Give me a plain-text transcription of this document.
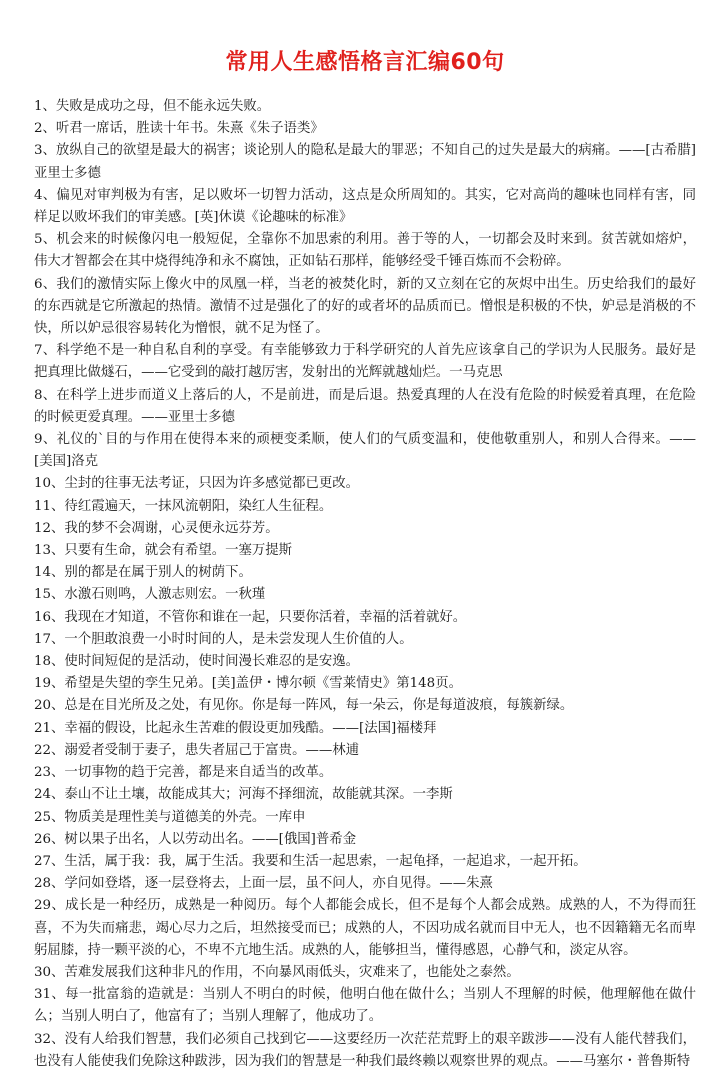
常用人生感悟格言汇编60句

1、失败是成功之母，但不能永远失败。

2、听君一席话，胜读十年书。朱熹《朱子语类》

3、放纵自己的欲望是最大的祸害；谈论别人的隐私是最大的罪恶；不知自己的过失是最大的病痛。——[古希腊]亚里士多德

4、偏见对审判极为有害，足以败坏一切智力活动，这点是众所周知的。其实，它对高尚的趣味也同样有害，同样足以败坏我们的审美感。[英]休谟《论趣味的标准》

5、机会来的时候像闪电一般短促，全靠你不加思索的利用。善于等的人，一切都会及时来到。贫苦就如熔炉，伟大才智都会在其中烧得纯净和永不腐蚀，正如钻石那样，能够经受千锤百炼而不会粉碎。

6、我们的激情实际上像火中的凤凰一样，当老的被焚化时，新的又立刻在它的灰烬中出生。历史给我们的最好的东西就是它所激起的热情。激情不过是强化了的好的或者坏的品质而已。憎恨是积极的不快，妒忌是消极的不快，所以妒忌很容易转化为憎恨，就不足为怪了。

7、科学绝不是一种自私自利的享受。有幸能够致力于科学研究的人首先应该拿自己的学识为人民服务。最好是把真理比做燧石，——它受到的敲打越厉害，发射出的光辉就越灿烂。一马克思

8、在科学上进步而道义上落后的人，不是前进，而是后退。热爱真理的人在没有危险的时候爱着真理，在危险的时候更爱真理。——亚里士多德

9、礼仪的`目的与作用在使得本来的顽梗变柔顺，使人们的气质变温和，使他敬重别人，和别人合得来。——[美国]洛克

10、尘封的往事无法考证，只因为许多感觉都已更改。

11、待红霞遍天，一抹风流朝阳，染红人生征程。

12、我的梦不会凋谢，心灵便永远芬芳。

13、只要有生命，就会有希望。一塞万提斯

14、别的都是在属于别人的树荫下。

15、水激石则鸣，人激志则宏。一秋瑾

16、我现在才知道，不管你和谁在一起，只要你活着，幸福的活着就好。

17、一个胆敢浪费一小时时间的人，是未尝发现人生价值的人。

18、使时间短促的是活动，使时间漫长难忍的是安逸。

19、希望是失望的孪生兄弟。[美]盖伊・博尔顿《雪莱情史》第148页。

20、总是在目光所及之处，有见你。你是每一阵风，每一朵云，你是每道波痕，每簇新绿。

21、幸福的假设，比起永生苦难的假设更加残酷。——[法国]福楼拜

22、溺爱者受制于妻子，患失者屈己于富贵。——林逋

23、一切事物的趋于完善，都是来自适当的改革。

24、泰山不让土壤，故能成其大；河海不择细流，故能就其深。一李斯

25、物质美是理性美与道德美的外壳。一库申

26、树以果子出名，人以劳动出名。——[俄国]普希金

27、生活，属于我：我，属于生活。我要和生活一起思索，一起龟择，一起追求，一起开拓。

28、学问如登塔，逐一层登将去，上面一层，虽不问人，亦自见得。——朱熹

29、成长是一种经历，成熟是一种阅历。每个人都能会成长，但不是每个人都会成熟。成熟的人，不为得而狂喜，不为失而痛悲，竭心尽力之后，坦然接受而已；成熟的人，不因功成名就而目中无人，也不因籍籍无名而卑躬屈膝，持一颗平淡的心，不卑不亢地生活。成熟的人，能够担当，懂得感恩，心静气和，淡定从容。

30、苦难发展我们这种非凡的作用，不向暴风雨低头，灾难来了，也能处之泰然。

31、每一批富翁的造就是：当别人不明白的时候，他明白他在做什么；当别人不理解的时候，他理解他在做什么；当别人明白了，他富有了；当别人理解了，他成功了。

32、没有人给我们智慧，我们必须自己找到它——这要经历一次茫茫荒野上的艰辛跋涉——没有人能代替我们，也没有人能使我们免除这种跋涉，因为我们的智慧是一种我们最终赖以观察世界的观点。——马塞尔・普鲁斯特
